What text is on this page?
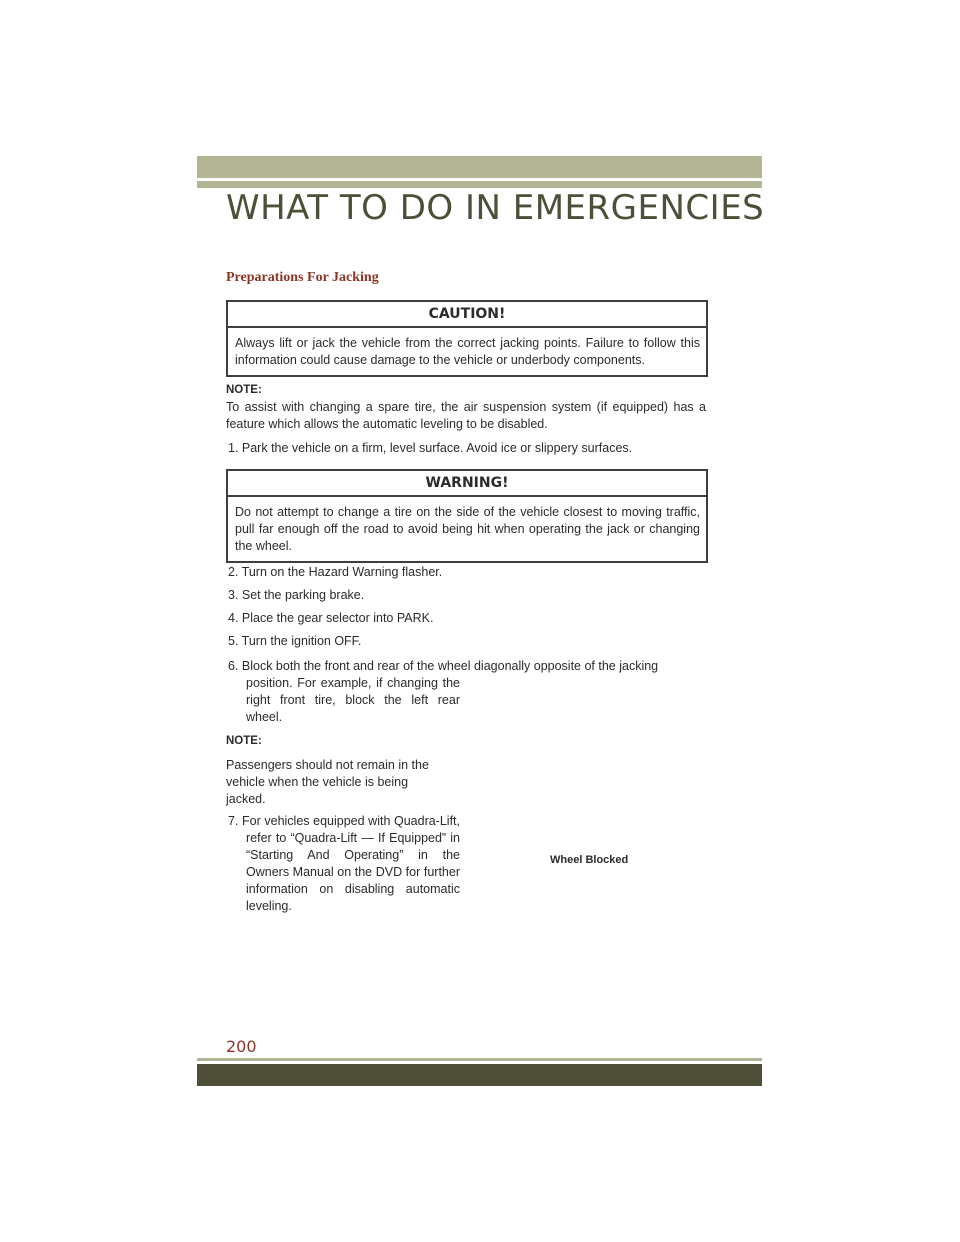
WHAT TO DO IN EMERGENCIES
Preparations For Jacking
CAUTION!
Always lift or jack the vehicle from the correct jacking points. Failure to follow this information could cause damage to the vehicle or underbody components.
NOTE:
To assist with changing a spare tire, the air suspension system (if equipped) has a feature which allows the automatic leveling to be disabled.
1. Park the vehicle on a firm, level surface. Avoid ice or slippery surfaces.
WARNING!
Do not attempt to change a tire on the side of the vehicle closest to moving traffic, pull far enough off the road to avoid being hit when operating the jack or changing the wheel.
2. Turn on the Hazard Warning flasher.
3. Set the parking brake.
4. Place the gear selector into PARK.
5. Turn the ignition OFF.
6. Block both the front and rear of the wheel diagonally opposite of the jacking
position. For example, if changing the right front tire, block the left rear wheel.
NOTE:
Passengers should not remain in the vehicle when the vehicle is being jacked.
7. For vehicles equipped with Quadra-Lift, refer to “Quadra-Lift — If Equipped” in “Starting And Operating” in the Owners Manual on the DVD for further information on disabling automatic leveling.
Wheel Blocked
200
